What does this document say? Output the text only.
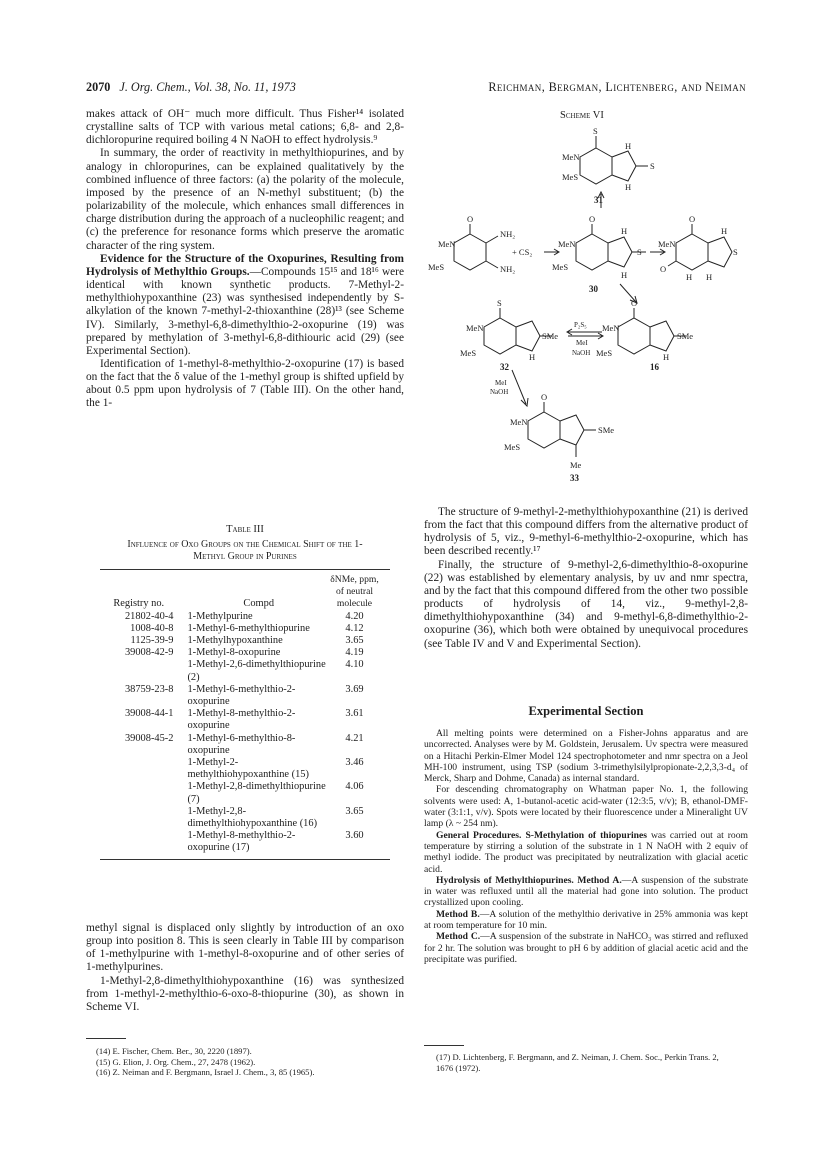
2070 J. Org. Chem., Vol. 38, No. 11, 1973	Reichman, Bergman, Lichtenberg, and Neiman

makes attack of OH⁻ much more difficult. Thus Fisher¹⁴ isolated crystalline salts of TCP with various metal cations; 6,8- and 2,8-dichloropurine required boiling 4 N NaOH to effect hydrolysis.⁹

In summary, the order of reactivity in methylthiopurines, and by analogy in chloropurines, can be explained qualitatively by the combined influence of three factors: (a) the polarity of the molecule, imposed by the presence of an N-methyl substituent; (b) the polarizability of the molecule, which enhances small differences in charge distribution during the approach of a nucleophilic reagent; and (c) the preference for resonance forms which preserve the aromatic character of the ring system.

Evidence for the Structure of the Oxopurines, Resulting from Hydrolysis of Methylthio Groups.—Compounds 15¹⁵ and 18¹⁶ were identical with known synthetic products. 7-Methyl-2-methylthiohypoxanthine (23) was synthesised independently by S-alkylation of the known 7-methyl-2-thioxanthine (28)¹³ (see Scheme IV). Similarly, 3-methyl-6,8-dimethylthio-2-oxopurine (19) was prepared by methylation of 3-methyl-6,8-dithiouric acid (29) (see Experimental Section).

Identification of 1-methyl-8-methylthio-2-oxopurine (17) is based on the fact that the δ value of the 1-methyl group is shifted upfield by about 0.5 ppm upon hydrolysis of 7 (Table III). On the other hand, the 1-

Table III
Influence of Oxo Groups on the Chemical Shift of the 1-Methyl Group in Purines
Registry no.	Compd	δNMe, ppm, of neutral molecule
21802-40-4	1-Methylpurine	4.20
1008-40-8	1-Methyl-6-methylthiopurine	4.12
1125-39-9	1-Methylhypoxanthine	3.65
39008-42-9	1-Methyl-8-oxopurine	4.19
	1-Methyl-2,6-dimethylthiopurine (2)	4.10
38759-23-8	1-Methyl-6-methylthio-2-oxopurine	3.69
39008-44-1	1-Methyl-8-methylthio-2-oxopurine	3.61
39008-45-2	1-Methyl-6-methylthio-8-oxopurine	4.21
	1-Methyl-2-methylthiohypoxanthine (15)	3.46
	1-Methyl-2,8-dimethylthiopurine (7)	4.06
	1-Methyl-2,8-dimethylthiohypoxanthine (16)	3.65
	1-Methyl-8-methylthio-2-oxopurine (17)	3.60

methyl signal is displaced only slightly by introduction of an oxo group into position 8. This is seen clearly in Table III by comparison of 1-methylpurine with 1-methyl-8-oxopurine and of other series of 1-methylpurines.

1-Methyl-2,8-dimethylthiohypoxanthine (16) was synthesized from 1-methyl-2-methylthio-6-oxo-8-thiopurine (30), as shown in Scheme VI.

(14) E. Fischer, Chem. Ber., 30, 2220 (1897).
(15) G. Elion, J. Org. Chem., 27, 2478 (1962).
(16) Z. Neiman and F. Bergmann, Israel J. Chem., 3, 85 (1965).
Scheme VI
S
MeN
MeS
S
H
H
31
O
MeN
MeS
NH₂
NH₂
+ CS₂
O
MeN
MeS
S
H
H
30
O
MeN
O
S
H
H H
S
MeN
MeS
SMe
H
32
P₂S₅
MeI
NaOH
O
MeN
MeS
SMe
H
16
MeI
NaOH	O
MeN
MeS
SMe
Me
33

The structure of 9-methyl-2-methylthiohypoxanthine (21) is derived from the fact that this compound differs from the alternative product of hydrolysis of 5, viz., 9-methyl-6-methylthio-2-oxopurine, which has been described recently.¹⁷

Finally, the structure of 9-methyl-2,6-dimethylthio-8-oxopurine (22) was established by elementary analysis, by uv and nmr spectra, and by the fact that this compound differed from the other two possible products of hydrolysis of 14, viz., 9-methyl-2,8-dimethylthiohypoxanthine (34) and 9-methyl-6,8-dimethylthio-2-oxopurine (36), which both were obtained by unequivocal procedures (see Table IV and V and Experimental Section).

Experimental Section

All melting points were determined on a Fisher-Johns apparatus and are uncorrected. Analyses were by M. Goldstein, Jerusalem. Uv spectra were measured on a Hitachi Perkin-Elmer Model 124 spectrophotometer and nmr spectra on a Jeol MH-100 instrument, using TSP (sodium 3-trimethylsilylpropionate-2,2,3,3-d₄ of Merck, Sharp and Dohme, Canada) as internal standard.

For descending chromatography on Whatman paper No. 1, the following solvents were used: A, 1-butanol-acetic acid-water (12:3:5, v/v); B, ethanol-DMF-water (3:1:1, v/v). Spots were located by their fluorescence under a Mineralight UV lamp (λ ~ 254 nm).

General Procedures. S-Methylation of thiopurines was carried out at room temperature by stirring a solution of the substrate in 1 N NaOH with 2 equiv of methyl iodide. The product was precipitated by neutralization with glacial acetic acid.

Hydrolysis of Methylthiopurines. Method A.—A suspension of the substrate in water was refluxed until all the material had gone into solution. The product crystallized upon cooling.

Method B.—A solution of the methylthio derivative in 25% ammonia was kept at room temperature for 10 min.

Method C.—A suspension of the substrate in NaHCO₃ was stirred and refluxed for 2 hr. The solution was brought to pH 6 by addition of glacial acetic acid and the precipitate was purified.

(17) D. Lichtenberg, F. Bergmann, and Z. Neiman, J. Chem. Soc., Perkin Trans. 2, 1676 (1972).
